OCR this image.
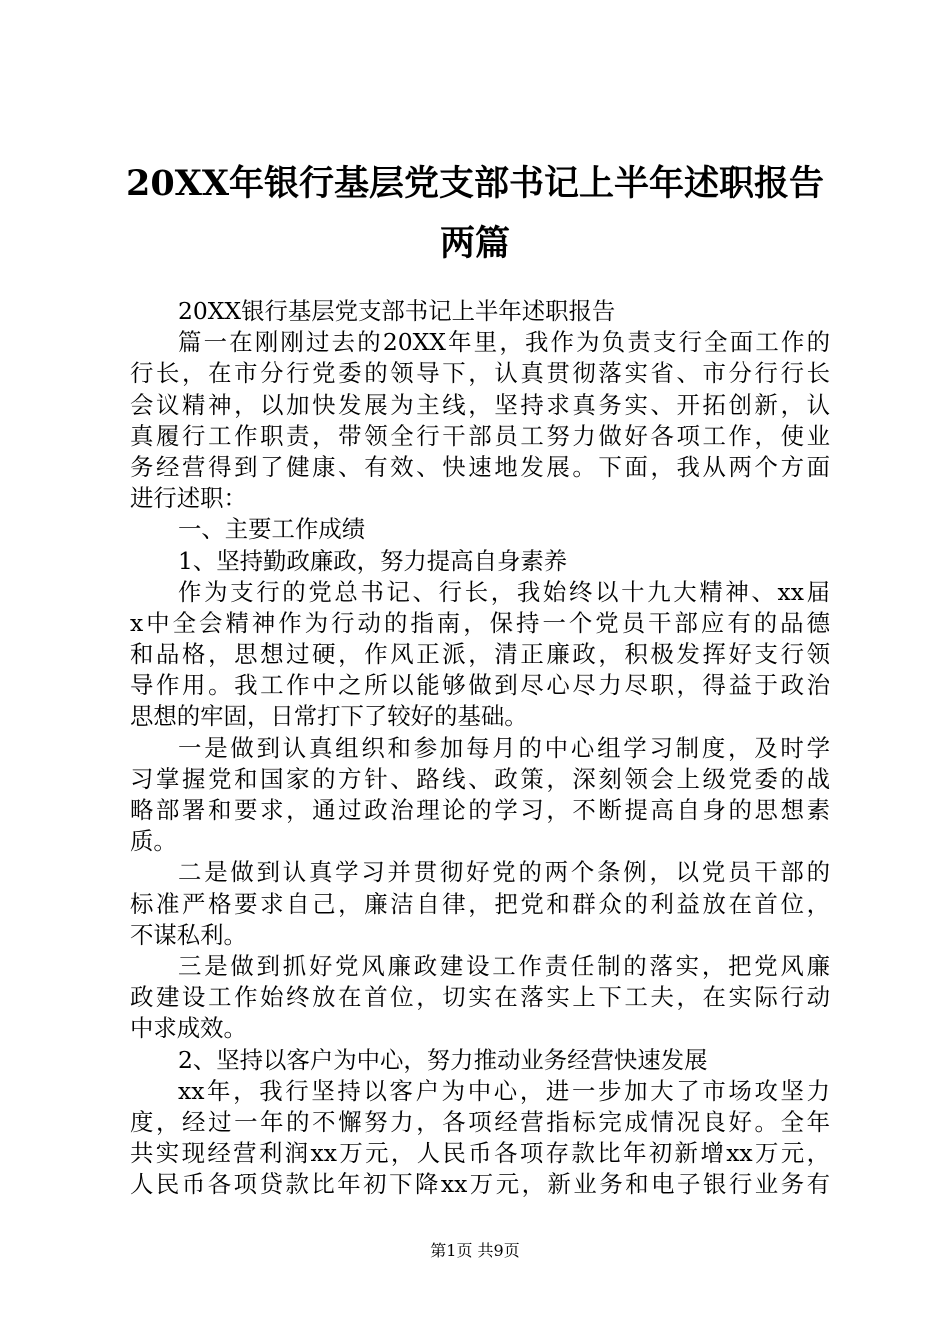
20XX年银行基层党支部书记上半年述职报告
两篇
20XX银行基层党支部书记上半年述职报告
篇一在刚刚过去的20XX年里，我作为负责支行全面工作的
行长，在市分行党委的领导下，认真贯彻落实省、市分行行长
会议精神，以加快发展为主线，坚持求真务实、开拓创新，认
真履行工作职责，带领全行干部员工努力做好各项工作，使业
务经营得到了健康、有效、快速地发展。下面，我从两个方面
进行述职：
一、主要工作成绩
1、坚持勤政廉政，努力提高自身素养
作为支行的党总书记、行长，我始终以十九大精神、xx届
x中全会精神作为行动的指南，保持一个党员干部应有的品德
和品格，思想过硬，作风正派，清正廉政，积极发挥好支行领
导作用。我工作中之所以能够做到尽心尽力尽职，得益于政治
思想的牢固，日常打下了较好的基础。
一是做到认真组织和参加每月的中心组学习制度，及时学
习掌握党和国家的方针、路线、政策，深刻领会上级党委的战
略部署和要求，通过政治理论的学习，不断提高自身的思想素
质。
二是做到认真学习并贯彻好党的两个条例，以党员干部的
标准严格要求自己，廉洁自律，把党和群众的利益放在首位，
不谋私利。
三是做到抓好党风廉政建设工作责任制的落实，把党风廉
政建设工作始终放在首位，切实在落实上下工夫，在实际行动
中求成效。
2、坚持以客户为中心，努力推动业务经营快速发展
xx年，我行坚持以客户为中心，进一步加大了市场攻坚力
度，经过一年的不懈努力，各项经营指标完成情况良好。全年
共实现经营利润xx万元，人民币各项存款比年初新增xx万元，
人民币各项贷款比年初下降xx万元，新业务和电子银行业务有
第1页 共9页
